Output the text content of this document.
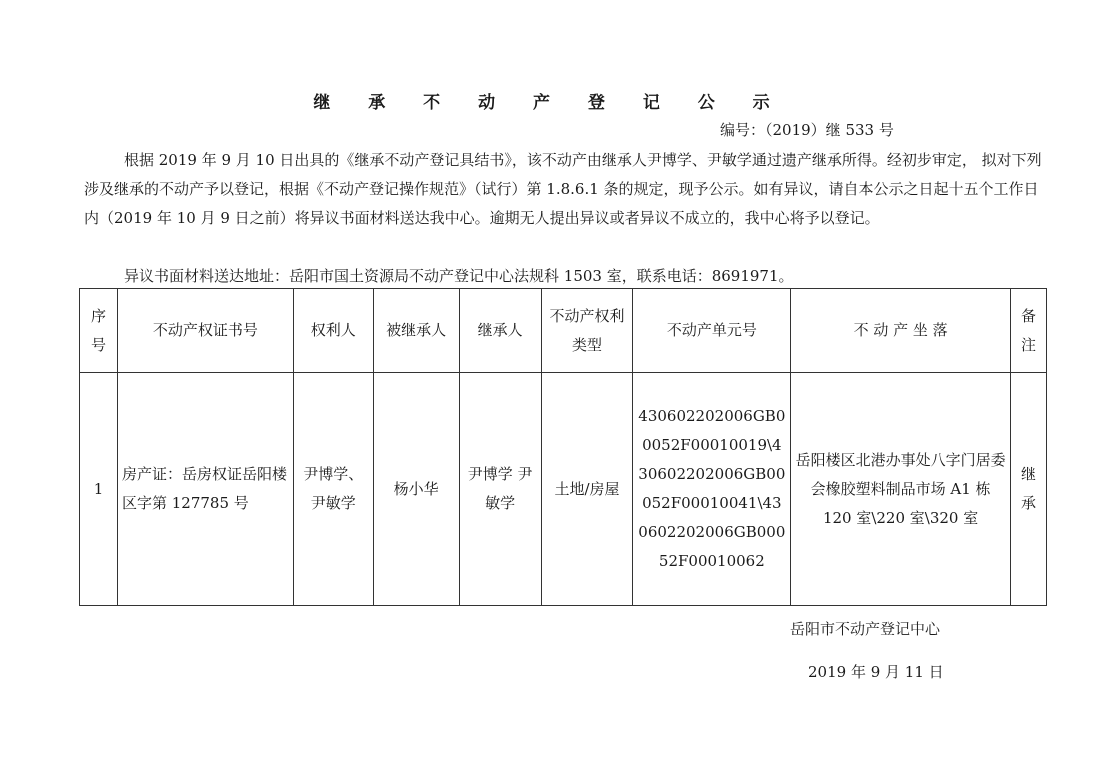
继 承 不 动 产 登 记 公 示
编号：（2019）继 533 号

根据 2019 年 9 月 10 日出具的《继承不动产登记具结书》，该不动产由继承人尹博学、尹敏学通过遗产继承所得。经初步审定， 拟对下列涉及继承的不动产予以登记，根据《不动产登记操作规范》（试行）第 1.8.6.1 条的规定，现予公示。如有异议，请自本公示之日起十五个工作日内（2019 年 10 月 9 日之前）将异议书面材料送达我中心。逾期无人提出异议或者异议不成立的，我中心将予以登记。

异议书面材料送达地址：岳阳市国土资源局不动产登记中心法规科 1503 室，联系电话：8691971。

序号	不动产权证书号	权利人	被继承人	继承人	不动产权利类型	不动产单元号	不 动 产 坐 落	备注
1	房产证：岳房权证岳阳楼区字第 127785 号	尹博学、尹敏学	杨小华	尹博学 尹敏学	土地/房屋	430602202006GB00052F00010019\430602202006GB00052F00010041\430602202006GB00052F00010062	岳阳楼区北港办事处八字门居委会橡胶塑料制品市场 A1 栋 120 室\220 室\320 室	继承
岳阳市不动产登记中心
2019 年 9 月 11 日
